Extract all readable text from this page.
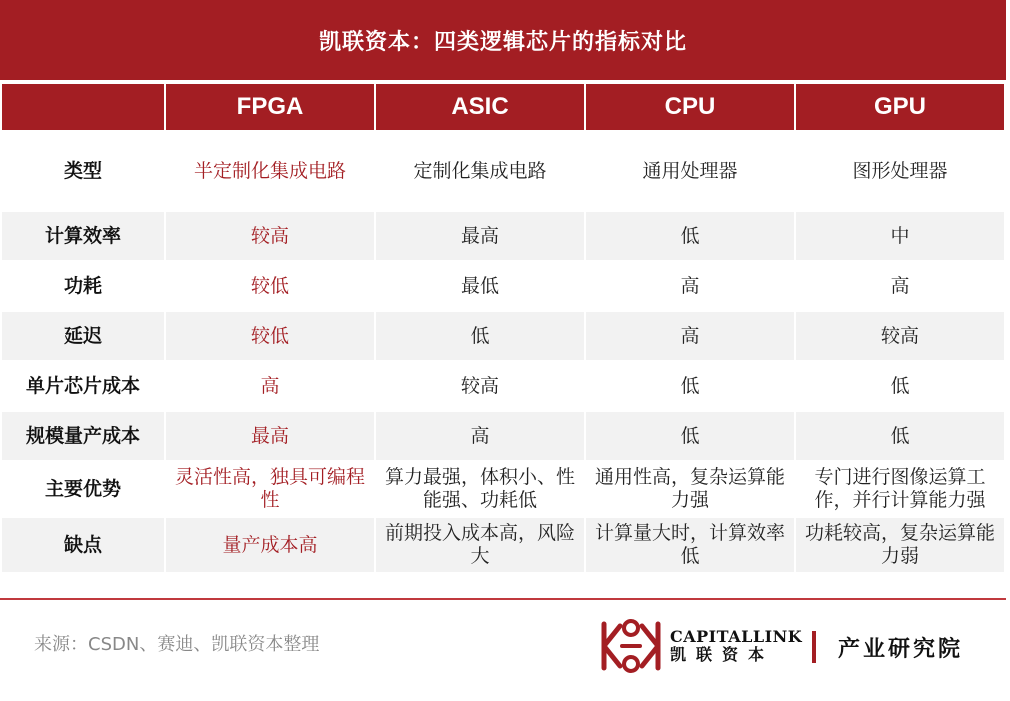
凯联资本：四类逻辑芯片的指标对比
	FPGA	ASIC	CPU	GPU
类型	半定制化集成电路	定制化集成电路	通用处理器	图形处理器
计算效率	较高	最高	低	中
功耗	较低	最低	高	高
延迟	较低	低	高	较高
单片芯片成本	高	较高	低	低
规模量产成本	最高	高	低	低
主要优势	灵活性高，独具可编程性	算力最强，体积小、性能强、功耗低	通用性高，复杂运算能力强	专门进行图像运算工作，并行计算能力强
缺点	量产成本高	前期投入成本高，风险大	计算量大时，计算效率低	功耗较高，复杂运算能力弱
来源：CSDN、赛迪、凯联资本整理	CAPITALLINK
凯联资本	产业研究院
